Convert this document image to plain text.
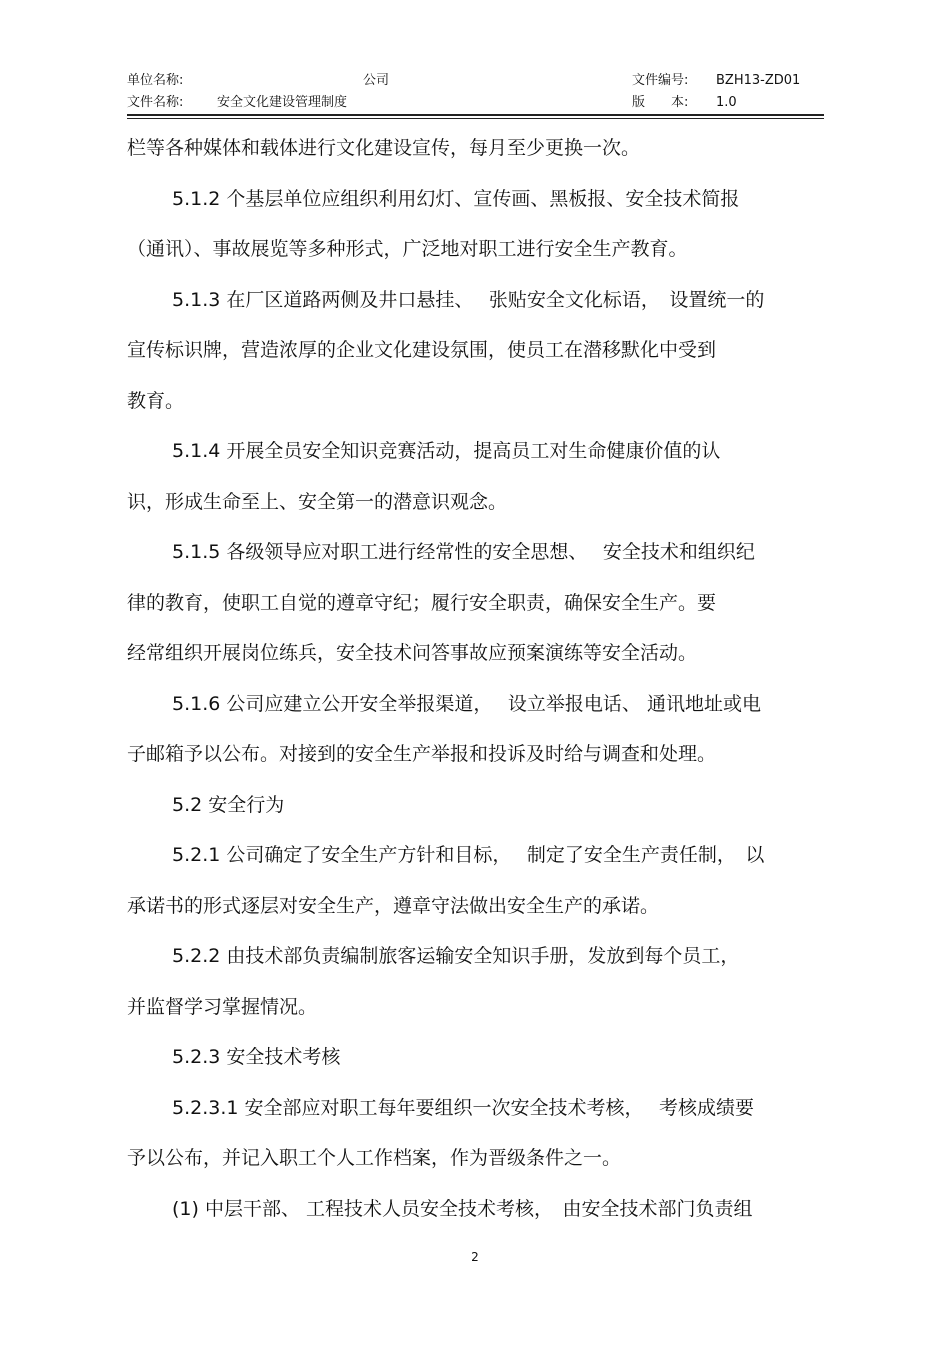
单位名称:	公司	文件编号: BZH13-ZD01
文件名称:	安全文化建设管理制度	版　　本: 1.0
栏等各种媒体和载体进行文化建设宣传，每月至少更换一次。
5.1.2 个基层单位应组织利用幻灯、宣传画、黑板报、安全技术简报
（通讯）、事故展览等多种形式，广泛地对职工进行安全生产教育。
5.1.3 在厂区道路两侧及井口悬挂、　 张贴安全文化标语，　设置统一的
宣传标识牌，营造浓厚的企业文化建设氛围，使员工在潜移默化中受到
教育。
5.1.4 开展全员安全知识竞赛活动，提高员工对生命健康价值的认
识，形成生命至上、安全第一的潜意识观念。
5.1.5 各级领导应对职工进行经常性的安全思想、　 安全技术和组织纪
律的教育，使职工自觉的遵章守纪；履行安全职责，确保安全生产。要
经常组织开展岗位练兵，安全技术问答事故应预案演练等安全活动。
5.1.6 公司应建立公开安全举报渠道，　 设立举报电话、 通讯地址或电
子邮箱予以公布。对接到的安全生产举报和投诉及时给与调查和处理。
5.2 安全行为
5.2.1 公司确定了安全生产方针和目标，　 制定了安全生产责任制，　以
承诺书的形式逐层对安全生产，遵章守法做出安全生产的承诺。
5.2.2 由技术部负责编制旅客运输安全知识手册，发放到每个员工，
并监督学习掌握情况。
5.2.3 安全技术考核
5.2.3.1 安全部应对职工每年要组织一次安全技术考核，　 考核成绩要
予以公布，并记入职工个人工作档案，作为晋级条件之一。
(1) 中层干部、 工程技术人员安全技术考核，　由安全技术部门负责组
2
